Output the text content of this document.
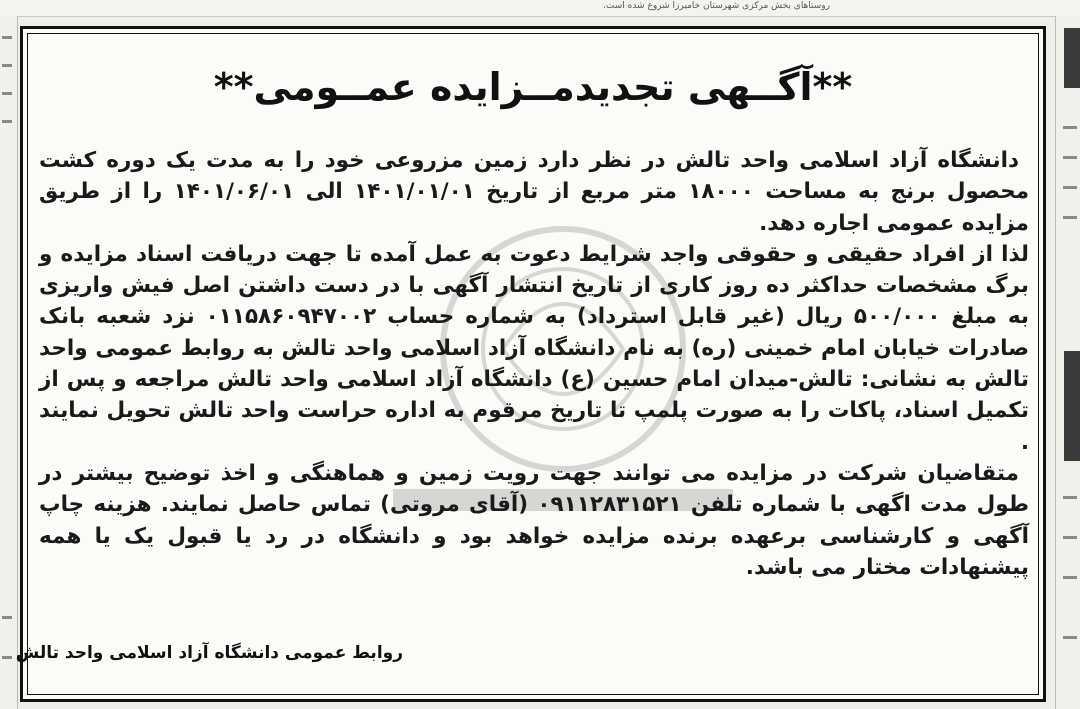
روستاهای بخش مرکزی شهرستان خامیرزا شروع شده است.
**آگــهی تجدیدمــزایده عمــومی**

دانشگاه آزاد اسلامی واحد تالش در نظر دارد زمین مزروعی خود را به مدت یک دوره کشت محصول برنج به مساحت ۱۸۰۰۰ متر مربع از تاریخ ۱۴۰۱/۰۱/۰۱ الی ۱۴۰۱/۰۶/۰۱ را از طریق مزایده عمومی اجاره دهد.

لذا از افراد حقیقی و حقوقی واجد شرایط دعوت به عمل آمده تا جهت دریافت اسناد مزایده و برگ مشخصات حداکثر ده روز کاری از تاریخ انتشار آگهی با در دست داشتن اصل فیش واریزی به مبلغ ۵۰۰/۰۰۰ ریال (غیر قابل استرداد) به شماره حساب ۰۱۱۵۸۶۰۹۴۷۰۰۲ نزد شعبه بانک صادرات خیابان امام خمینی (ره) به نام دانشگاه آزاد اسلامی واحد تالش به روابط عمومی واحد تالش به نشانی: تالش-میدان امام حسین (ع) دانشگاه آزاد اسلامی واحد تالش مراجعه و پس از تکمیل اسناد، پاکات را به صورت پلمپ تا تاریخ مرقوم به اداره حراست واحد تالش تحویل نمایند .

متقاضیان شرکت در مزایده می توانند جهت رویت زمین و هماهنگی و اخذ توضیح بیشتر در طول مدت اگهی با شماره تلفن ۰۹۱۱۲۸۳۱۵۲۱ (آقای مروتی) تماس حاصل نمایند. هزینه چاپ آگهی و کارشناسی برعهده برنده مزایده خواهد بود و دانشگاه در رد یا قبول یک یا همه پیشنهادات مختار می باشد.

روابط عمومی دانشگاه آزاد اسلامی واحد تالش
